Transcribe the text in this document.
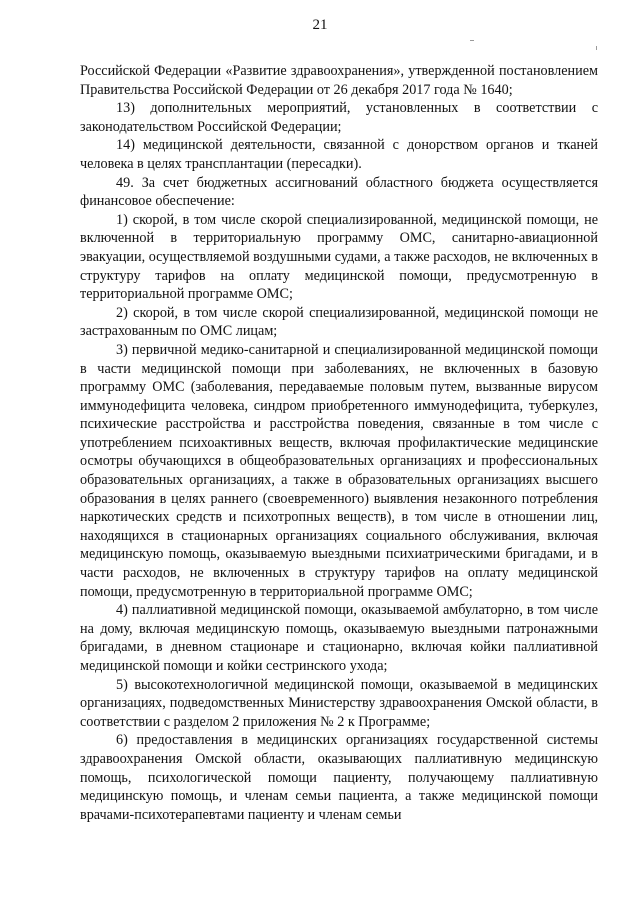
21

Российской Федерации «Развитие здравоохранения», утвержденной постановлением Правительства Российской Федерации от 26 декабря 2017 года № 1640;

13) дополнительных мероприятий, установленных в соответствии с законодательством Российской Федерации;

14) медицинской деятельности, связанной с донорством органов и тканей человека в целях трансплантации (пересадки).

49. За счет бюджетных ассигнований областного бюджета осуществляется финансовое обеспечение:

1) скорой, в том числе скорой специализированной, медицинской помощи, не включенной в территориальную программу ОМС, санитарно-авиационной эвакуации, осуществляемой воздушными судами, а также расходов, не включенных в структуру тарифов на оплату медицинской помощи, предусмотренную в территориальной программе ОМС;

2) скорой, в том числе скорой специализированной, медицинской помощи не застрахованным по ОМС лицам;

3) первичной медико-санитарной и специализированной медицинской помощи в части медицинской помощи при заболеваниях, не включенных в базовую программу ОМС (заболевания, передаваемые половым путем, вызванные вирусом иммунодефицита человека, синдром приобретенного иммунодефицита, туберкулез, психические расстройства и расстройства поведения, связанные в том числе с употреблением психоактивных веществ, включая профилактические медицинские осмотры обучающихся в общеобразовательных организациях и профессиональных образовательных организациях, а также в образовательных организациях высшего образования в целях раннего (своевременного) выявления незаконного потребления наркотических средств и психотропных веществ), в том числе в отношении лиц, находящихся в стационарных организациях социального обслуживания, включая медицинскую помощь, оказываемую выездными психиатрическими бригадами, и в части расходов, не включенных в структуру тарифов на оплату медицинской помощи, предусмотренную в территориальной программе ОМС;

4) паллиативной медицинской помощи, оказываемой амбулаторно, в том числе на дому, включая медицинскую помощь, оказываемую выездными патронажными бригадами, в дневном стационаре и стационарно, включая койки паллиативной медицинской помощи и койки сестринского ухода;

5) высокотехнологичной медицинской помощи, оказываемой в медицинских организациях, подведомственных Министерству здравоохранения Омской области, в соответствии с разделом 2 приложения № 2 к Программе;

6) предоставления в медицинских организациях государственной системы здравоохранения Омской области, оказывающих паллиативную медицинскую помощь, психологической помощи пациенту, получающему паллиативную медицинскую помощь, и членам семьи пациента, а также медицинской помощи врачами-психотерапевтами пациенту и членам семьи
